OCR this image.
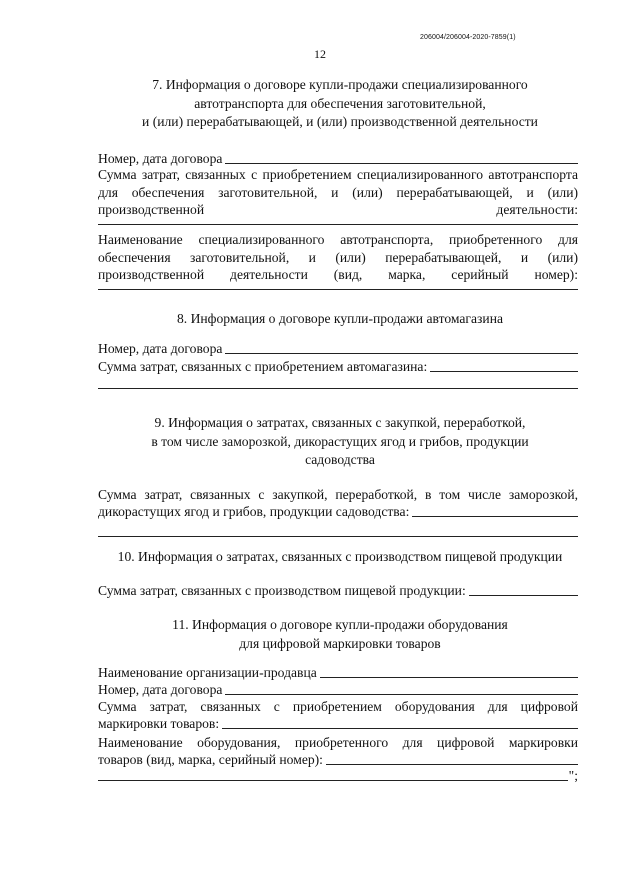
206004/206004-2020-7859(1)
12
7. Информация о договоре купли-продажи специализированного
автотранспорта для обеспечения заготовительной,
и (или) перерабатывающей, и (или) производственной деятельности
Номер, дата договора
Сумма затрат, связанных с приобретением специализированного автотранспорта для обеспечения заготовительной, и (или) перерабатывающей, и (или) производственной деятельности:
Наименование специализированного автотранспорта, приобретенного для обеспечения заготовительной, и (или) перерабатывающей, и (или) производственной деятельности (вид, марка, серийный номер):
8. Информация о договоре купли-продажи автомагазина
Номер, дата договора
Сумма затрат, связанных с приобретением автомагазина:
9. Информация о затратах, связанных с закупкой, переработкой,
в том числе заморозкой, дикорастущих ягод и грибов, продукции
садоводства
Сумма затрат, связанных с закупкой, переработкой, в том числе заморозкой,
дикорастущих ягод и грибов, продукции садоводства:
10. Информация о затратах, связанных с производством пищевой продукции
Сумма затрат, связанных с производством пищевой продукции:
11. Информация о договоре купли-продажи оборудования
для цифровой маркировки товаров
Наименование организации-продавца
Номер, дата договора
Сумма затрат, связанных с приобретением оборудования для цифровой
маркировки товаров:
Наименование оборудования, приобретенного для цифровой маркировки
товаров (вид, марка, серийный номер):
";
